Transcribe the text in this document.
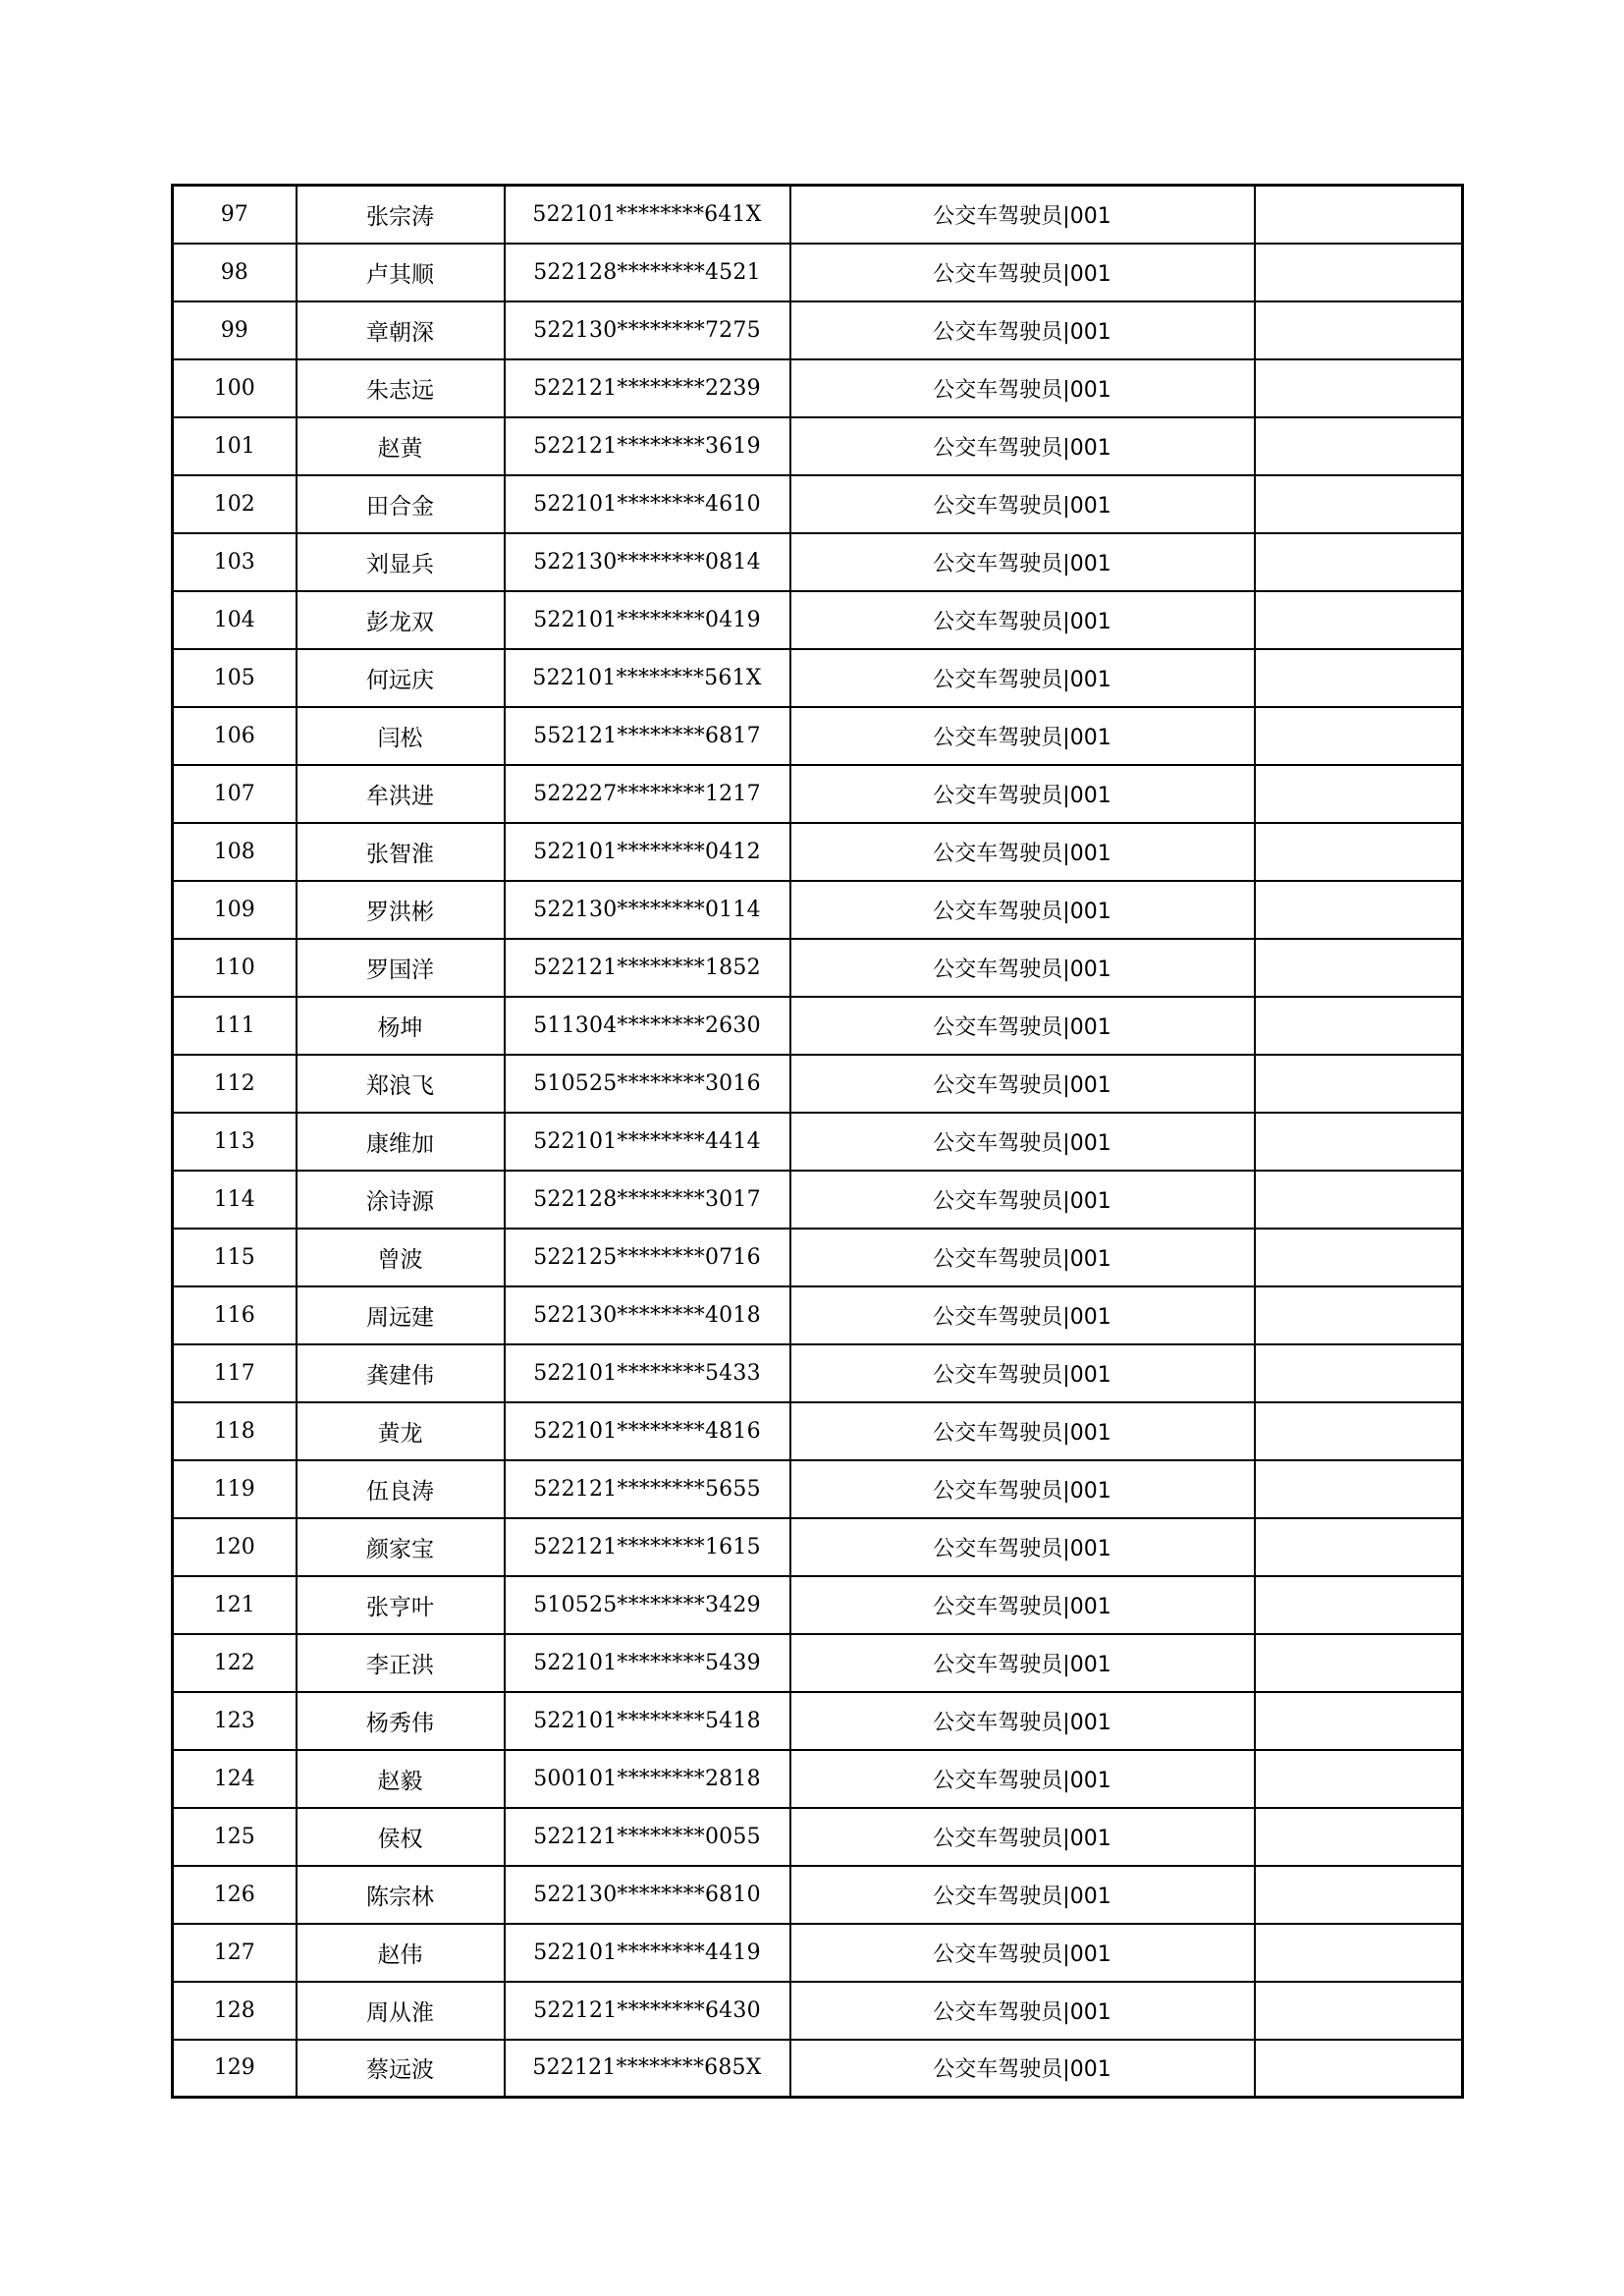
97	张宗涛	522101********641X	公交车驾驶员|001	
98	卢其顺	522128********4521	公交车驾驶员|001	
99	章朝深	522130********7275	公交车驾驶员|001	
100	朱志远	522121********2239	公交车驾驶员|001	
101	赵黄	522121********3619	公交车驾驶员|001	
102	田合金	522101********4610	公交车驾驶员|001	
103	刘显兵	522130********0814	公交车驾驶员|001	
104	彭龙双	522101********0419	公交车驾驶员|001	
105	何远庆	522101********561X	公交车驾驶员|001	
106	闫松	552121********6817	公交车驾驶员|001	
107	牟洪进	522227********1217	公交车驾驶员|001	
108	张智淮	522101********0412	公交车驾驶员|001	
109	罗洪彬	522130********0114	公交车驾驶员|001	
110	罗国洋	522121********1852	公交车驾驶员|001	
111	杨坤	511304********2630	公交车驾驶员|001	
112	郑浪飞	510525********3016	公交车驾驶员|001	
113	康维加	522101********4414	公交车驾驶员|001	
114	涂诗源	522128********3017	公交车驾驶员|001	
115	曾波	522125********0716	公交车驾驶员|001	
116	周远建	522130********4018	公交车驾驶员|001	
117	龚建伟	522101********5433	公交车驾驶员|001	
118	黄龙	522101********4816	公交车驾驶员|001	
119	伍良涛	522121********5655	公交车驾驶员|001	
120	颜家宝	522121********1615	公交车驾驶员|001	
121	张亨叶	510525********3429	公交车驾驶员|001	
122	李正洪	522101********5439	公交车驾驶员|001	
123	杨秀伟	522101********5418	公交车驾驶员|001	
124	赵毅	500101********2818	公交车驾驶员|001	
125	侯权	522121********0055	公交车驾驶员|001	
126	陈宗林	522130********6810	公交车驾驶员|001	
127	赵伟	522101********4419	公交车驾驶员|001	
128	周从淮	522121********6430	公交车驾驶员|001	
129	蔡远波	522121********685X	公交车驾驶员|001	
